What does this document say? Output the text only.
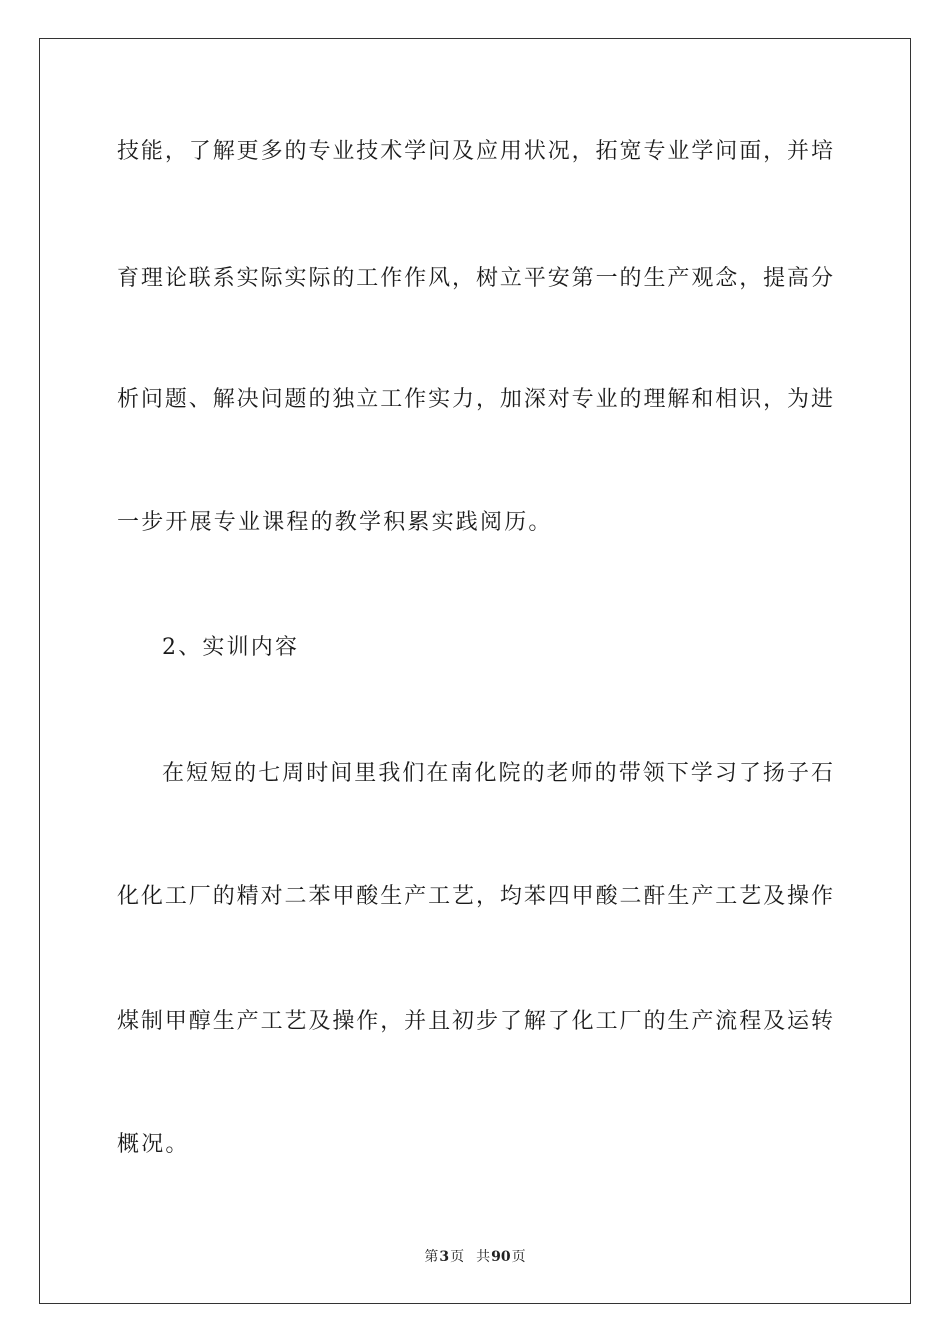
技能，了解更多的专业技术学问及应用状况，拓宽专业学问面，并培
育理论联系实际实际的工作作风，树立平安第一的生产观念，提高分
析问题、解决问题的独立工作实力，加深对专业的理解和相识，为进
一步开展专业课程的教学积累实践阅历。
2、实训内容
在短短的七周时间里我们在南化院的老师的带领下学习了扬子石
化化工厂的精对二苯甲酸生产工艺，均苯四甲酸二酐生产工艺及操作
煤制甲醇生产工艺及操作，并且初步了解了化工厂的生产流程及运转
概况。
第3页 共90页
